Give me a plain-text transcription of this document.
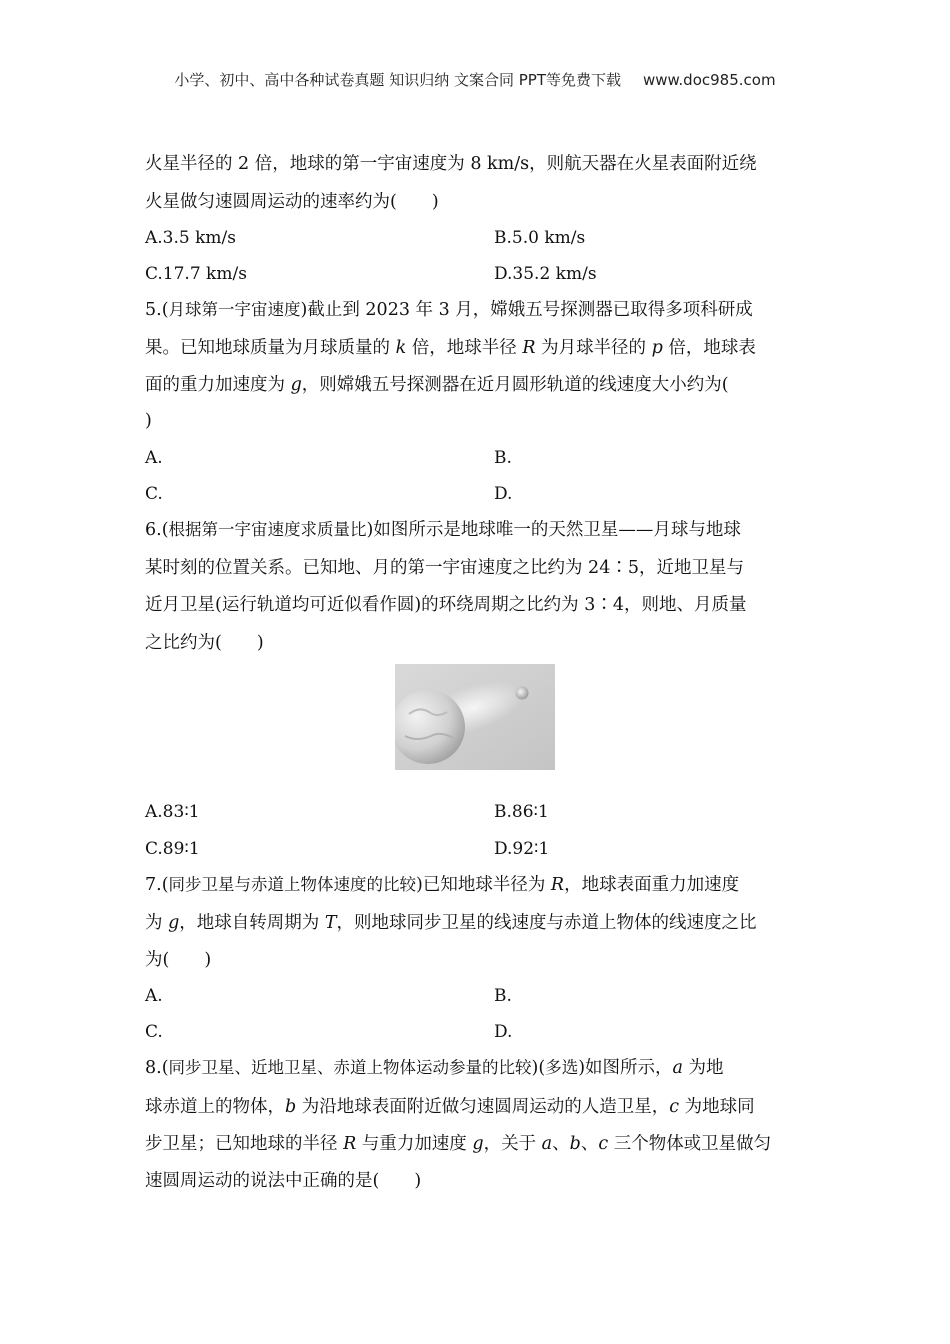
小学、初中、高中各种试卷真题 知识归纳 文案合同 PPT等免费下载 www.doc985.com
火星半径的 2 倍，地球的第一宇宙速度为 8 km/s，则航天器在火星表面附近绕
火星做匀速圆周运动的速率约为(　　)
A.3.5 km/s	B.5.0 km/s
C.17.7 km/s	D.35.2 km/s
5.(月球第一宇宙速度)截止到 2023 年 3 月，嫦娥五号探测器已取得多项科研成
果。已知地球质量为月球质量的 k 倍，地球半径 R 为月球半径的 p 倍，地球表
面的重力加速度为 g，则嫦娥五号探测器在近月圆形轨道的线速度大小约为(
)
A.	B.
C.	D.
6.(根据第一宇宙速度求质量比)如图所示是地球唯一的天然卫星——月球与地球
某时刻的位置关系。已知地、月的第一宇宙速度之比约为 24∶5，近地卫星与
近月卫星(运行轨道均可近似看作圆)的环绕周期之比约为 3∶4，则地、月质量
之比约为(　　)
A.83∶1	B.86∶1
C.89∶1	D.92∶1
7.(同步卫星与赤道上物体速度的比较)已知地球半径为 R，地球表面重力加速度
为 g，地球自转周期为 T，则地球同步卫星的线速度与赤道上物体的线速度之比
为(　　)
A.	B.
C.	D.
8.(同步卫星、近地卫星、赤道上物体运动参量的比较)(多选)如图所示，a 为地
球赤道上的物体，b 为沿地球表面附近做匀速圆周运动的人造卫星，c 为地球同
步卫星；已知地球的半径 R 与重力加速度 g，关于 a、b、c 三个物体或卫星做匀
速圆周运动的说法中正确的是(　　)
